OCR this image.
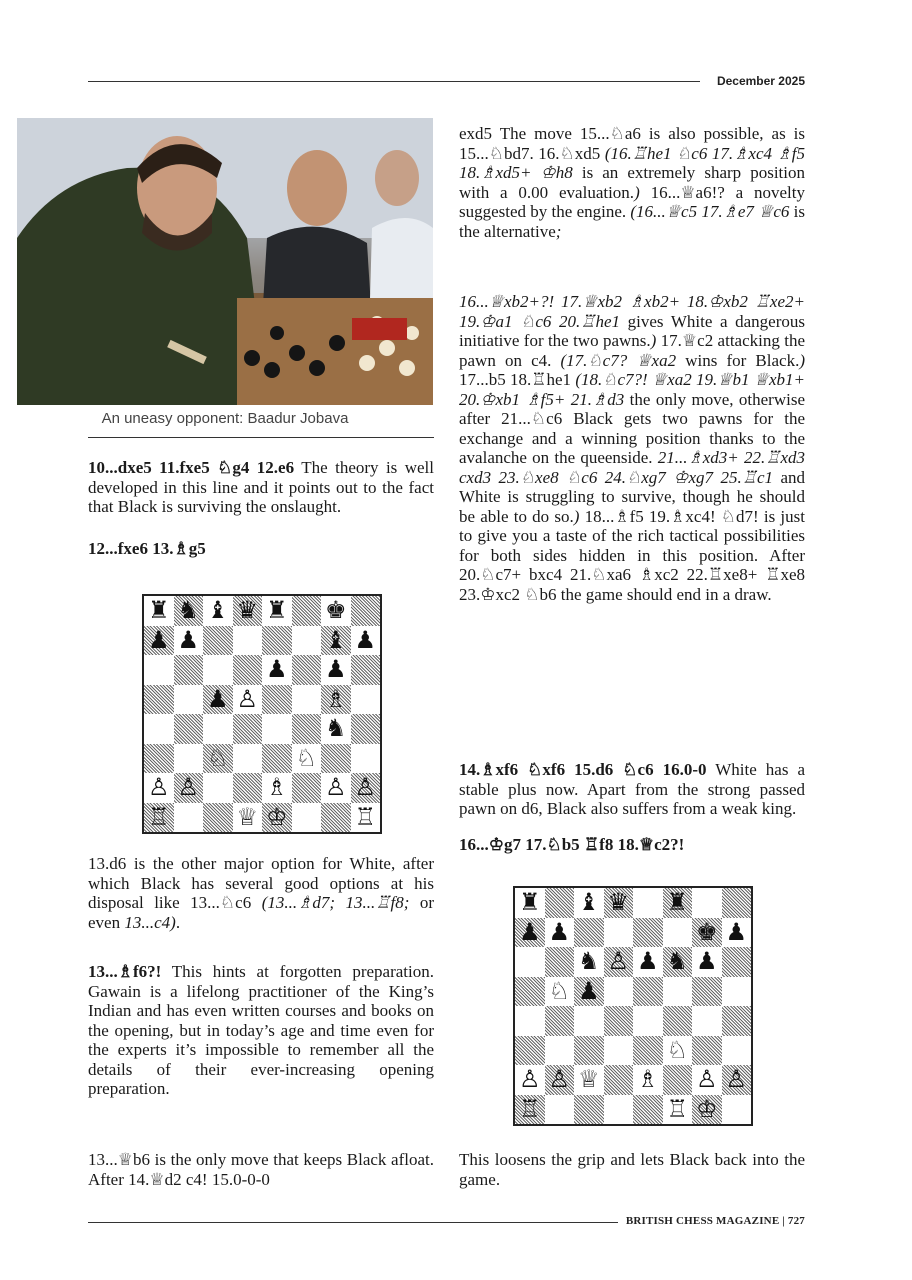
December 2025
An uneasy opponent: Baadur Jobava

10...dxe5 11.fxe5 ♘g4 12.e6 The theory is well developed in this line and it points out to the fact that Black is surviving the onslaught.

12...fxe6 13.♗g5

♜ ♞ ♝ ♛ ♜ ♚
♟ ♟	♝ ♟
♟ ♟
♟ ♙	♗
♞
♘	♘
♙ ♙	♗ ♙ ♙
♖	♕ ♔	♖

13.d6 is the other major option for White, after which Black has several good options at his disposal like 13...♘c6 (13...♗d7; 13...♖f8; or even 13...c4).

13...♗f6?! This hints at forgotten preparation. Gawain is a lifelong practitioner of the King’s Indian and has even written courses and books on the opening, but in today’s age and time even for the experts it’s impossible to remember all the details of their ever-increasing opening preparation.

13...♕b6 is the only move that keeps Black afloat. After 14.♕d2 c4! 15.0-0-0

exd5 The move 15...♘a6 is also possible, as is 15...♘bd7. 16.♘xd5 (16.♖he1 ♘c6 17.♗xc4 ♗f5 18.♗xd5+ ♔h8 is an extremely sharp position with a 0.00 evaluation.) 16...♕a6!? a novelty suggested by the engine. (16...♕c5 17.♗e7 ♕c6 is the alternative;

16...♕xb2+?! 17.♕xb2 ♗xb2+ 18.♔xb2 ♖xe2+ 19.♔a1 ♘c6 20.♖he1 gives White a dangerous initiative for the two pawns.) 17.♕c2 attacking the pawn on c4. (17.♘c7? ♕xa2 wins for Black.) 17...b5 18.♖he1 (18.♘c7?! ♕xa2 19.♕b1 ♕xb1+ 20.♔xb1 ♗f5+ 21.♗d3 the only move, otherwise after 21...♘c6 Black gets two pawns for the exchange and a winning position thanks to the avalanche on the queenside. 21...♗xd3+ 22.♖xd3 cxd3 23.♘xe8 ♘c6 24.♘xg7 ♔xg7 25.♖c1 and White is struggling to survive, though he should be able to do so.) 18...♗f5 19.♗xc4! ♘d7! is just to give you a taste of the rich tactical possibilities for both sides hidden in this position. After 20.♘c7+ bxc4 21.♘xa6 ♗xc2 22.♖xe8+ ♖xe8 23.♔xc2 ♘b6 the game should end in a draw.

14.♗xf6 ♘xf6 15.d6 ♘c6 16.0-0 White has a stable plus now. Apart from the strong passed pawn on d6, Black also suffers from a weak king.

16...♔g7 17.♘b5 ♖f8 18.♕c2?!

♜ ♝ ♛ ♜
♟ ♟	♚ ♟
♞ ♙ ♟ ♞ ♟
♘ ♟
♘
♙ ♙ ♕ ♗ ♙ ♙
♖	♖ ♔

This loosens the grip and lets Black back into the game.

BRITISH CHESS MAGAZINE | 727
